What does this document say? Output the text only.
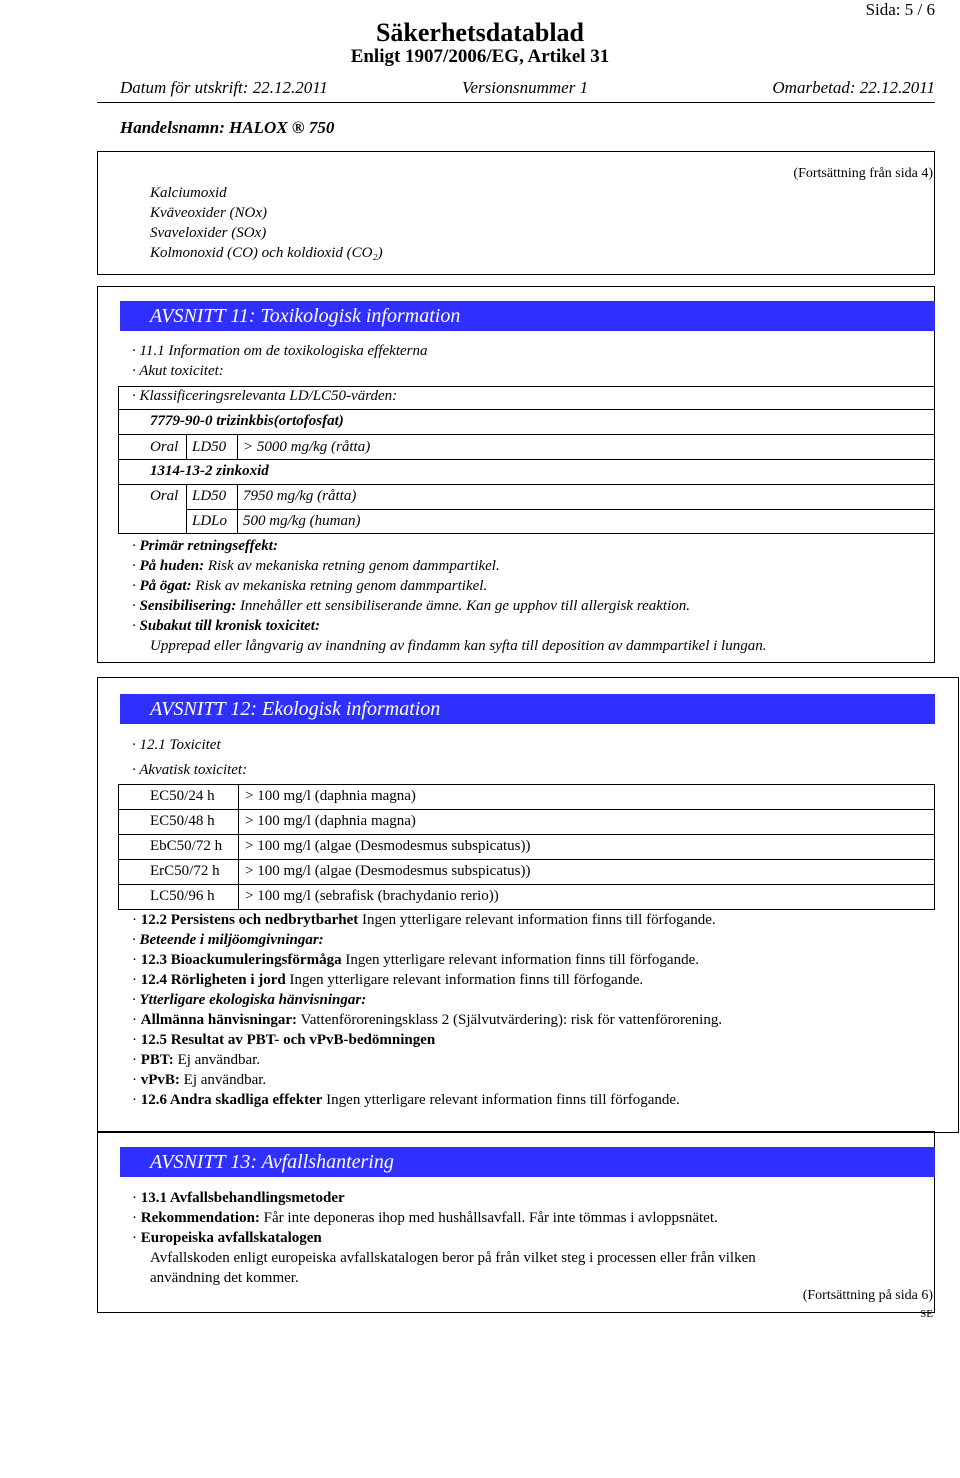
Sida: 5 / 6
Säkerhetsdatablad
Enligt 1907/2006/EG, Artikel 31
Datum för utskrift: 22.12.2011	Versionsnummer 1	Omarbetad: 22.12.2011
Handelsnamn: HALOX ® 750
(Fortsättning från sida 4)
Kalciumoxid
Kväveoxider (NOx)
Svaveloxider (SOx)
Kolmonoxid (CO) och koldioxid (CO₂)
AVSNITT 11: Toxikologisk information
· 11.1 Information om de toxikologiska effekterna
· Akut toxicitet:
· Klassificeringsrelevanta LD/LC50-värden:
7779-90-0 trizinkbis(ortofosfat)
Oral LD50 > 5000 mg/kg (råtta)
1314-13-2 zinkoxid
Oral LD50 7950 mg/kg (råtta)
LDLo 500 mg/kg (human)
· Primär retningseffekt:
· På huden: Risk av mekaniska retning genom dammpartikel.
· På ögat: Risk av mekaniska retning genom dammpartikel.
· Sensibilisering: Innehåller ett sensibiliserande ämne. Kan ge upphov till allergisk reaktion.
· Subakut till kronisk toxicitet:
Upprepad eller långvarig av inandning av findamm kan syfta till deposition av dammpartikel i lungan.
AVSNITT 12: Ekologisk information
· 12.1 Toxicitet
· Akvatisk toxicitet:
EC50/24 h > 100 mg/l (daphnia magna)
EC50/48 h > 100 mg/l (daphnia magna)
EbC50/72 h > 100 mg/l (algae (Desmodesmus subspicatus))
ErC50/72 h > 100 mg/l (algae (Desmodesmus subspicatus))
LC50/96 h > 100 mg/l (sebrafisk (brachydanio rerio))
· 12.2 Persistens och nedbrytbarhet Ingen ytterligare relevant information finns till förfogande.
· Beteende i miljöomgivningar:
· 12.3 Bioackumuleringsförmåga Ingen ytterligare relevant information finns till förfogande.
· 12.4 Rörligheten i jord Ingen ytterligare relevant information finns till förfogande.
· Ytterligare ekologiska hänvisningar:
· Allmänna hänvisningar: Vattenföroreningsklass 2 (Självutvärdering): risk för vattenförorening.
· 12.5 Resultat av PBT- och vPvB-bedömningen
· PBT: Ej användbar.
· vPvB: Ej användbar.
· 12.6 Andra skadliga effekter Ingen ytterligare relevant information finns till förfogande.
AVSNITT 13: Avfallshantering
· 13.1 Avfallsbehandlingsmetoder
· Rekommendation: Får inte deponeras ihop med hushållsavfall. Får inte tömmas i avloppsnätet.
· Europeiska avfallskatalogen
Avfallskoden enligt europeiska avfallskatalogen beror på från vilket steg i processen eller från vilken
användning det kommer.
(Fortsättning på sida 6)
SE
